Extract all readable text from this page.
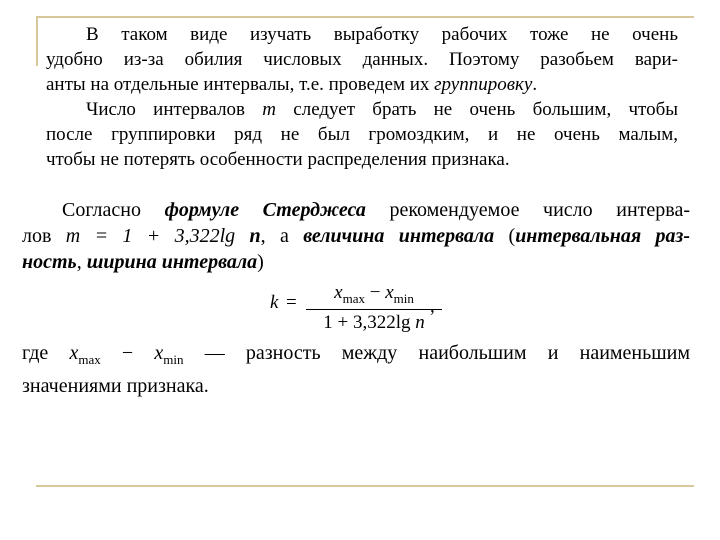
В таком виде изучать выработку рабочих тоже не очень
удобно из-за обилия числовых данных. Поэтому разобьем вари-
анты на отдельные интервалы, т.е. проведем их группировку.
Число интервалов т следует брать не очень большим, чтобы
после группировки ряд не был громоздким, и не очень малым,
чтобы не потерять особенности распределения признака.
Согласно формуле Стерджеса рекомендуемое число интерва-
лов т = 1 + 3,322lg n, а величина интервала (интервальная раз-
ность, ширина интервала)
k =	$x_{max} - x_{min}$
1 + 3,322lg n
,
где $x_{max} - x_{min}$ — разность между наибольшим и наименьшим
значениями признака.
